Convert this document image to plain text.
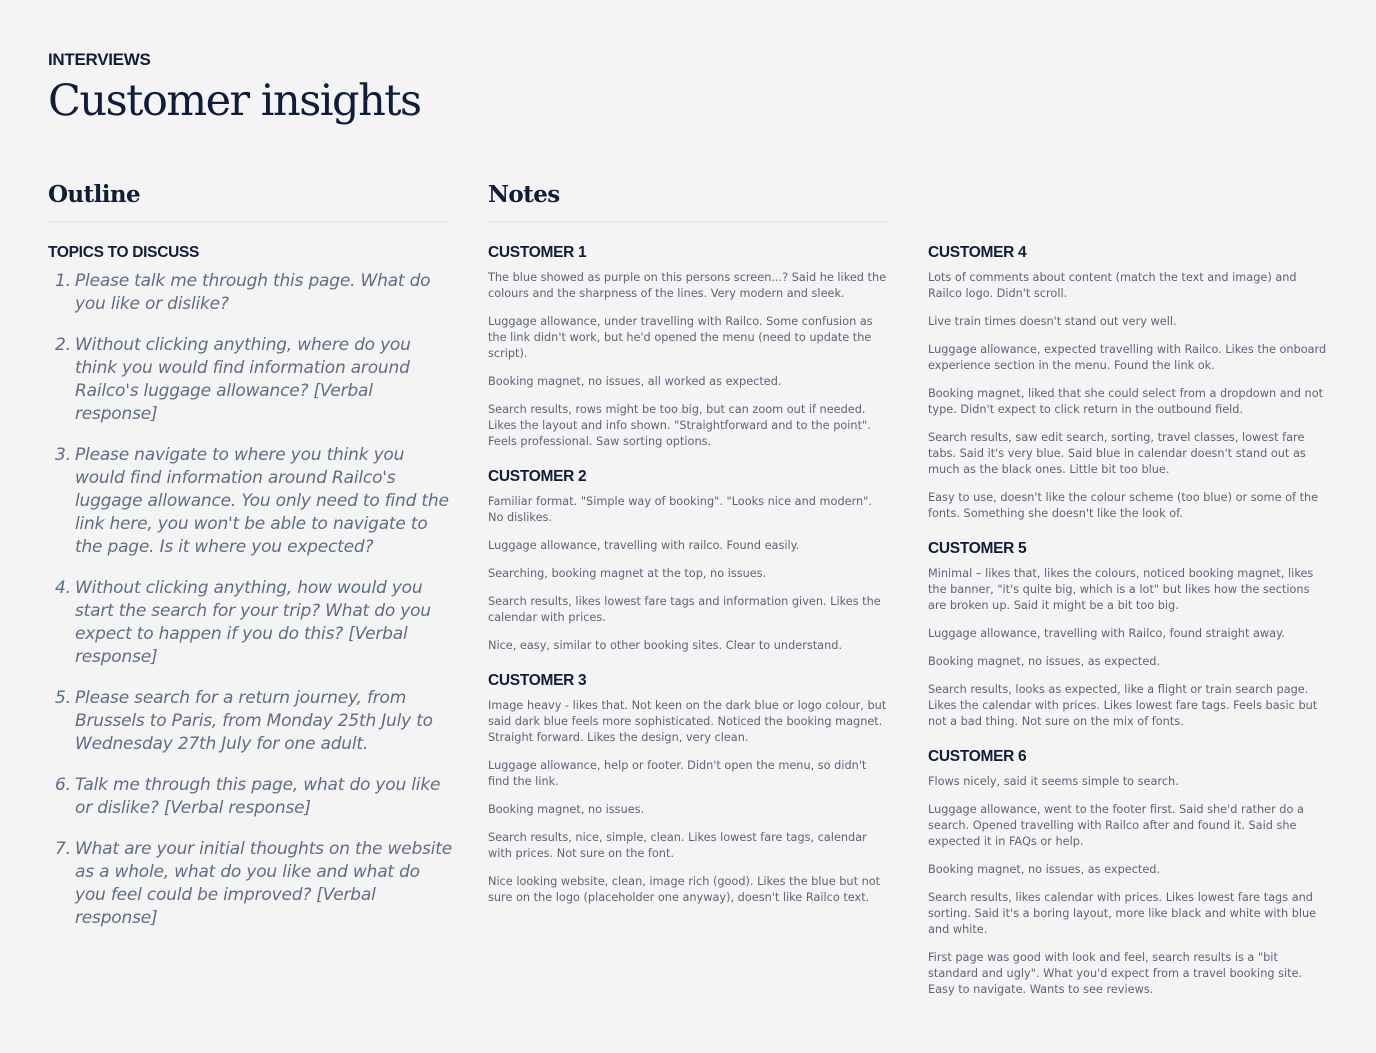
INTERVIEWS
Customer insights
Outline
TOPICS TO DISCUSS
1. Please talk me through this page. What do you like or dislike?
2. Without clicking anything, where do you think you would find information around Railco's luggage allowance? [Verbal response]
3. Please navigate to where you think you would find information around Railco's luggage allowance. You only need to find the link here, you won't be able to navigate to the page. Is it where you expected?
4. Without clicking anything, how would you start the search for your trip? What do you expect to happen if you do this? [Verbal response]
5. Please search for a return journey, from Brussels to Paris, from Monday 25th July to Wednesday 27th July for one adult.
6. Talk me through this page, what do you like or dislike? [Verbal response]
7. What are your initial thoughts on the website as a whole, what do you like and what do you feel could be improved? [Verbal response]
Notes
CUSTOMER 1

The blue showed as purple on this persons screen...? Said he liked the colours and the sharpness of the lines. Very modern and sleek.

Luggage allowance, under travelling with Railco. Some confusion as the link didn't work, but he'd opened the menu (need to update the script).

Booking magnet, no issues, all worked as expected.

Search results, rows might be too big, but can zoom out if needed. Likes the layout and info shown. "Straightforward and to the point". Feels professional. Saw sorting options.

CUSTOMER 2

Familiar format. "Simple way of booking". "Looks nice and modern". No dislikes.

Luggage allowance, travelling with railco. Found easily.

Searching, booking magnet at the top, no issues.

Search results, likes lowest fare tags and information given. Likes the calendar with prices.

Nice, easy, similar to other booking sites. Clear to understand.

CUSTOMER 3

Image heavy - likes that. Not keen on the dark blue or logo colour, but said dark blue feels more sophisticated. Noticed the booking magnet. Straight forward. Likes the design, very clean.

Luggage allowance, help or footer. Didn't open the menu, so didn't find the link.

Booking magnet, no issues.

Search results, nice, simple, clean. Likes lowest fare tags, calendar with prices. Not sure on the font.

Nice looking website, clean, image rich (good). Likes the blue but not sure on the logo (placeholder one anyway), doesn't like Railco text.

CUSTOMER 4

Lots of comments about content (match the text and image) and Railco logo. Didn't scroll.

Live train times doesn't stand out very well.

Luggage allowance, expected travelling with Railco. Likes the onboard experience section in the menu. Found the link ok.

Booking magnet, liked that she could select from a dropdown and not type. Didn't expect to click return in the outbound field.

Search results, saw edit search, sorting, travel classes, lowest fare tabs. Said it's very blue. Said blue in calendar doesn't stand out as much as the black ones. Little bit too blue.

Easy to use, doesn't like the colour scheme (too blue) or some of the fonts. Something she doesn't like the look of.

CUSTOMER 5

Minimal – likes that, likes the colours, noticed booking magnet, likes the banner, "it's quite big, which is a lot" but likes how the sections are broken up. Said it might be a bit too big.

Luggage allowance, travelling with Railco, found straight away.

Booking magnet, no issues, as expected.

Search results, looks as expected, like a flight or train search page. Likes the calendar with prices. Likes lowest fare tags. Feels basic but not a bad thing. Not sure on the mix of fonts.

CUSTOMER 6

Flows nicely, said it seems simple to search.

Luggage allowance, went to the footer first. Said she'd rather do a search. Opened travelling with Railco after and found it. Said she expected it in FAQs or help.

Booking magnet, no issues, as expected.

Search results, likes calendar with prices. Likes lowest fare tags and sorting. Said it's a boring layout, more like black and white with blue and white.

First page was good with look and feel, search results is a "bit standard and ugly". What you'd expect from a travel booking site. Easy to navigate. Wants to see reviews.
